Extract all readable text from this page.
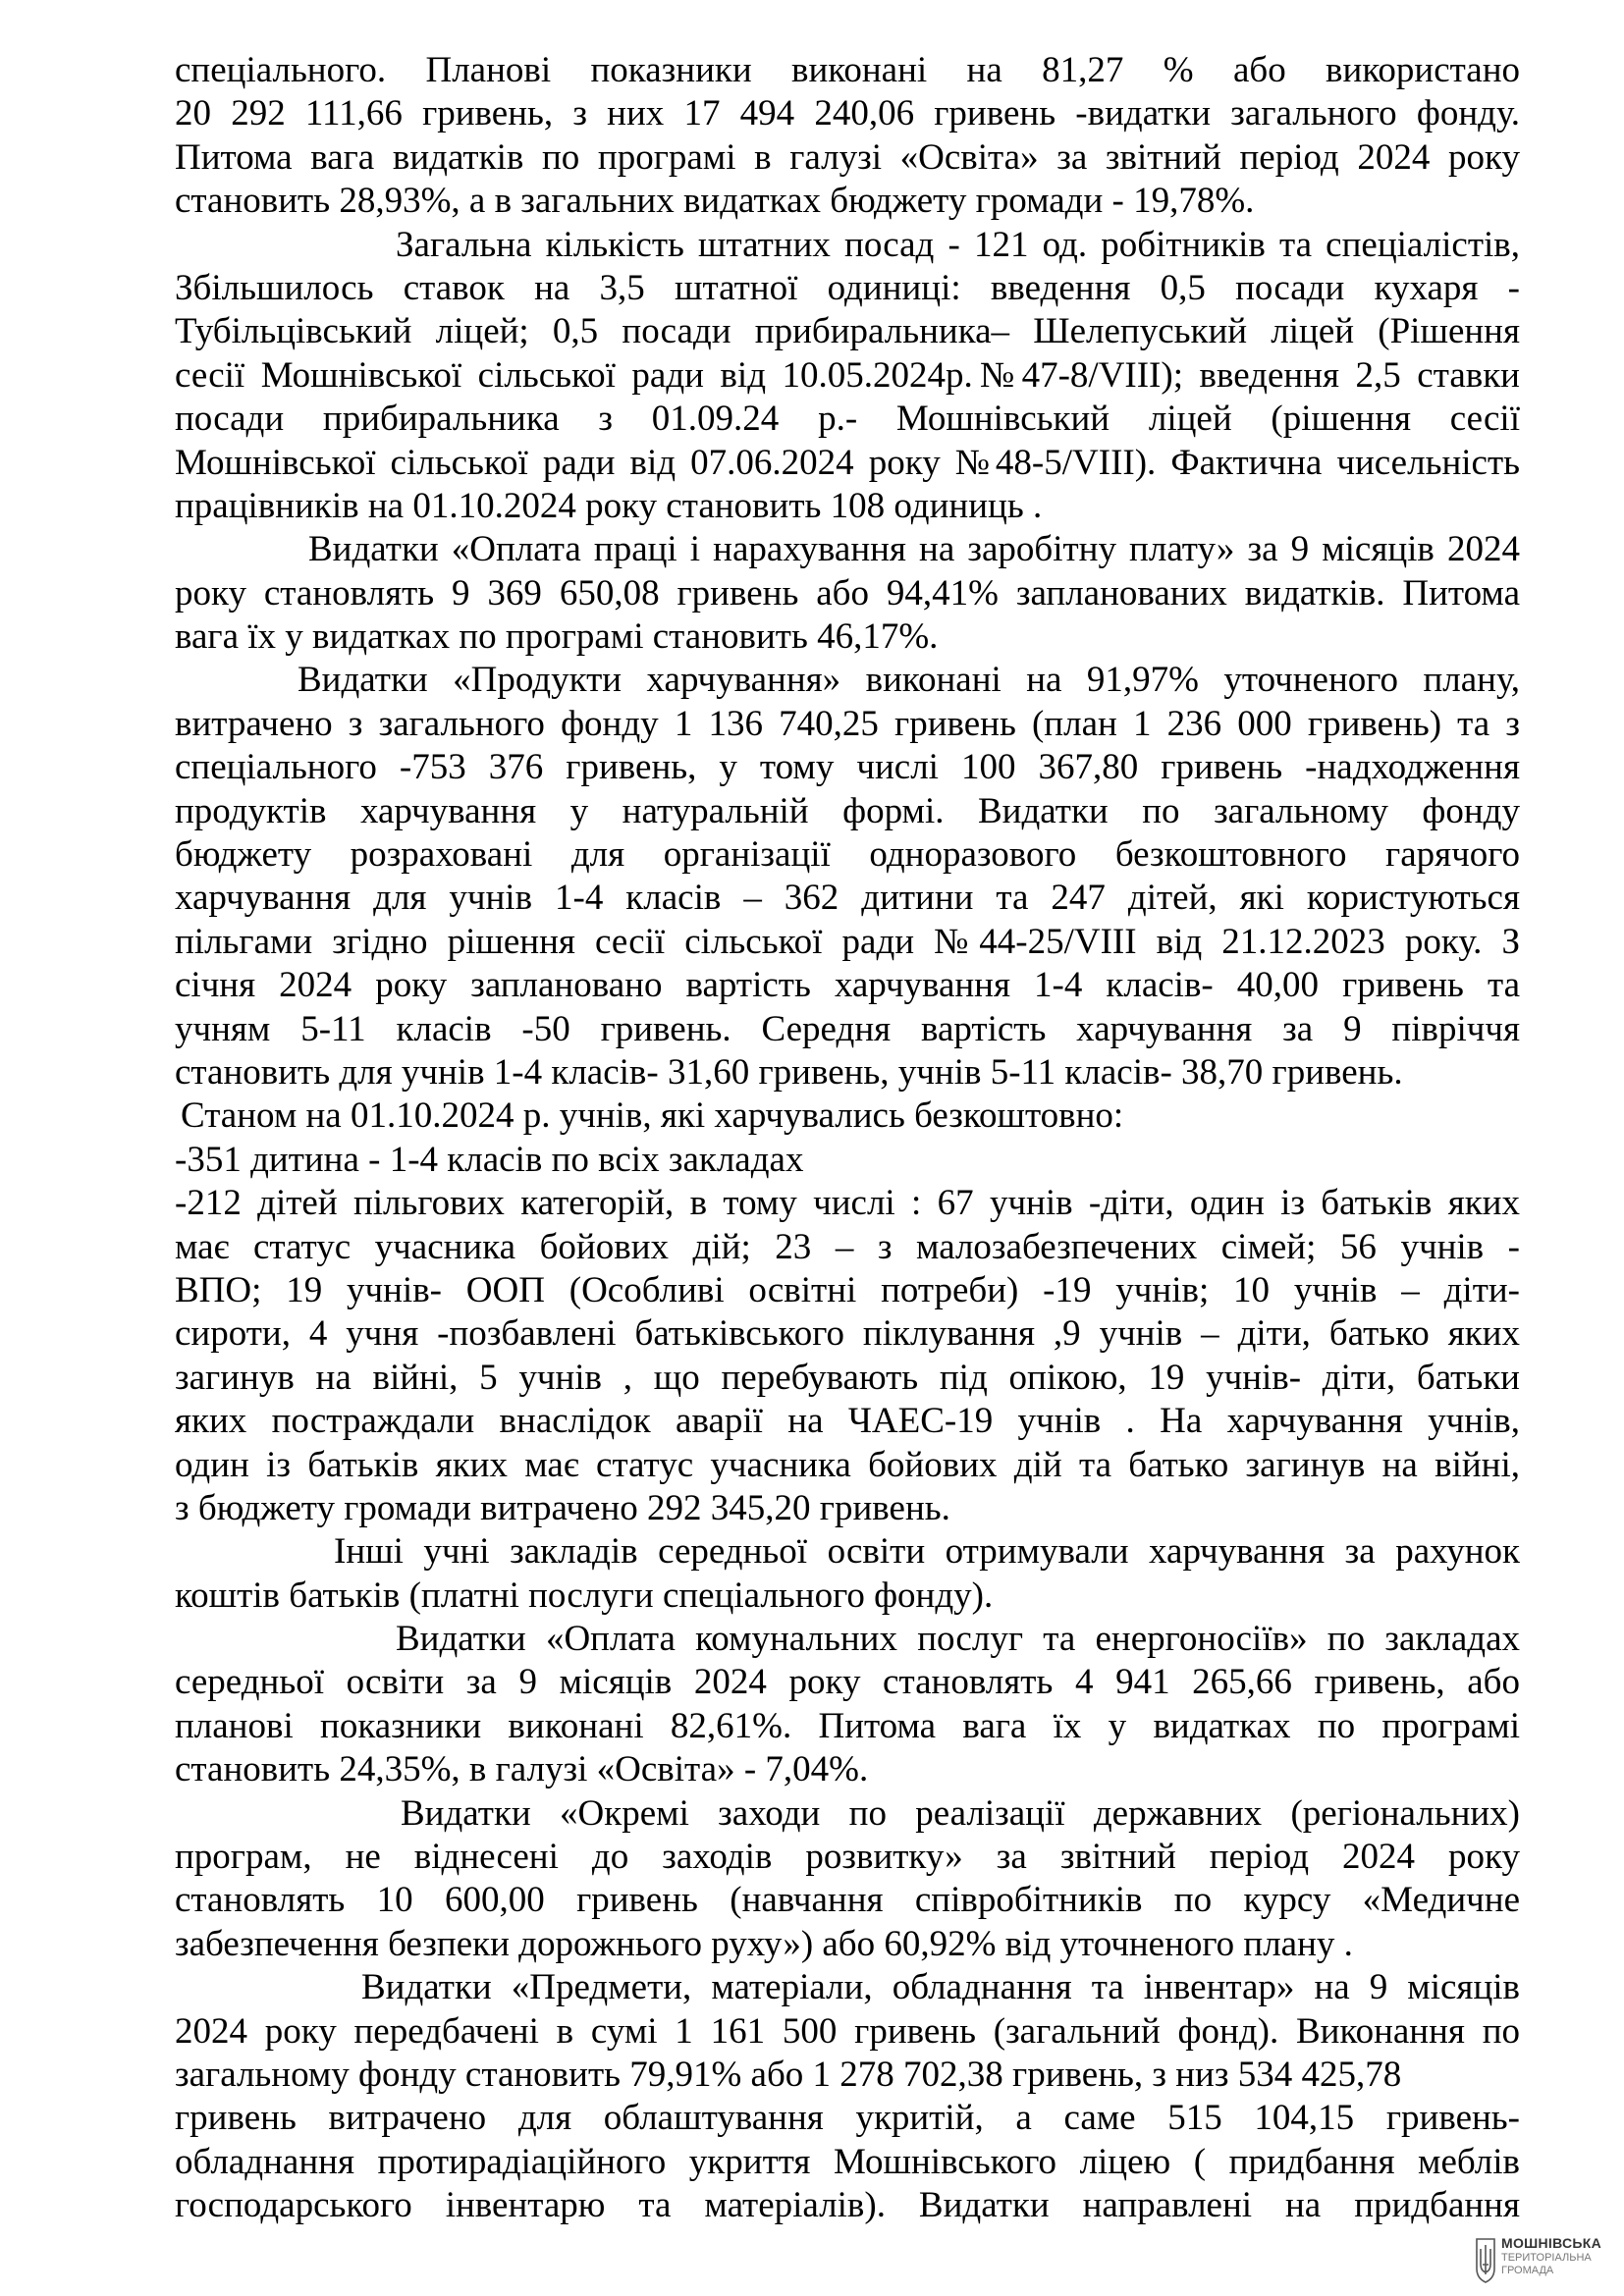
спеціального. Планові показники виконані на 81,27 % або використано
20 292 111,66 гривень, з них 17 494 240,06 гривень -видатки загального фонду.
Питома вага видатків по програмі в галузі «Освіта» за звітний період 2024 року
становить 28,93%, а в загальних видатках бюджету громади - 19,78%.
Загальна кількість штатних посад - 121 од. робітників та спеціалістів,
Збільшилось ставок на 3,5 штатної одиниці: введення 0,5 посади кухаря -
Тубільцівський ліцей; 0,5 посади прибиральника– Шелепуський ліцей (Рішення
сесії Мошнівської сільської ради від 10.05.2024р.№47-8/VIII); введення 2,5 ставки
посади прибиральника з 01.09.24 р.- Мошнівський ліцей (рішення сесії
Мошнівської сільської ради від 07.06.2024 року №48-5/VIII). Фактична чисельність
працівників на 01.10.2024 року становить 108 одиниць .
Видатки «Оплата праці і нарахування на заробітну плату» за 9 місяців 2024
року становлять 9 369 650,08 гривень або 94,41% запланованих видатків. Питома
вага їх у видатках по програмі становить 46,17%.
Видатки «Продукти харчування» виконані на 91,97% уточненого плану,
витрачено з загального фонду 1 136 740,25 гривень (план 1 236 000 гривень) та з
спеціального -753 376 гривень, у тому числі 100 367,80 гривень -надходження
продуктів харчування у натуральній формі. Видатки по загальному фонду
бюджету розраховані для організації одноразового безкоштовного гарячого
харчування для учнів 1-4 класів – 362 дитини та 247 дітей, які користуються
пільгами згідно рішення сесії сільської ради №44-25/VIII від 21.12.2023 року. З
січня 2024 року заплановано вартість харчування 1-4 класів- 40,00 гривень та
учням 5-11 класів -50 гривень. Середня вартість харчування за 9 півріччя
становить для учнів 1-4 класів- 31,60 гривень, учнів 5-11 класів- 38,70 гривень.
Станом на 01.10.2024 р. учнів, які харчувались безкоштовно:
-351 дитина - 1-4 класів по всіх закладах
-212 дітей пільгових категорій, в тому числі : 67 учнів -діти, один із батьків яких
має статус учасника бойових дій; 23 – з малозабезпечених сімей; 56 учнів -
ВПО; 19 учнів- ООП (Особливі освітні потреби) -19 учнів; 10 учнів – діти-
сироти, 4 учня -позбавлені батьківського піклування ,9 учнів – діти, батько яких
загинув на війні, 5 учнів , що перебувають під опікою, 19 учнів- діти, батьки
яких постраждали внаслідок аварії на ЧАЕС-19 учнів . На харчування учнів,
один із батьків яких має статус учасника бойових дій та батько загинув на війні,
з бюджету громади витрачено 292 345,20 гривень.
Інші учні закладів середньої освіти отримували харчування за рахунок
коштів батьків (платні послуги спеціального фонду).
Видатки «Оплата комунальних послуг та енергоносіїв» по закладах
середньої освіти за 9 місяців 2024 року становлять 4 941 265,66 гривень, або
планові показники виконані 82,61%. Питома вага їх у видатках по програмі
становить 24,35%, в галузі «Освіта» - 7,04%.
Видатки «Окремі заходи по реалізації державних (регіональних)
програм, не віднесені до заходів розвитку» за звітний період 2024 року
становлять 10 600,00 гривень (навчання співробітників по курсу «Медичне
забезпечення безпеки дорожнього руху») або 60,92% від уточненого плану .
Видатки «Предмети, матеріали, обладнання та інвентар» на 9 місяців
2024 року передбачені в сумі 1 161 500 гривень (загальний фонд). Виконання по
загальному фонду становить 79,91% або 1 278 702,38 гривень, з низ 534 425,78
гривень витрачено для облаштування укритій, а саме 515 104,15 гривень-
обладнання протирадіаційного укриття Мошнівського ліцею ( придбання меблів
господарського інвентарю та матеріалів). Видатки направлені на придбання
МОШНІВСЬКА
ТЕРИТОРІАЛЬНА
ГРОМАДА
